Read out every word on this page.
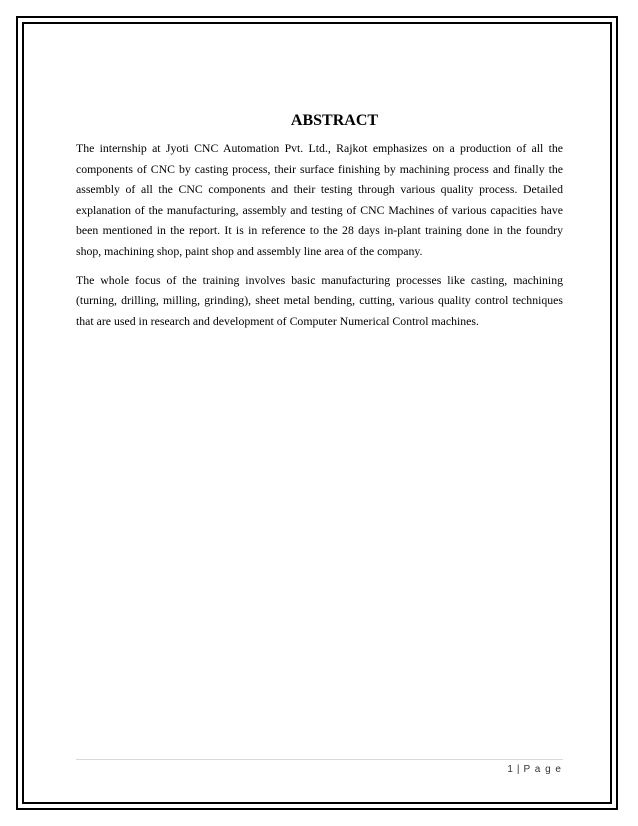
ABSTRACT

The internship at Jyoti CNC Automation Pvt. Ltd., Rajkot emphasizes on a production of all the components of CNC by casting process, their surface finishing by machining process and finally the assembly of all the CNC components and their testing through various quality process. Detailed explanation of the manufacturing, assembly and testing of CNC Machines of various capacities have been mentioned in the report. It is in reference to the 28 days in-plant training done in the foundry shop, machining shop, paint shop and assembly line area of the company.

The whole focus of the training involves basic manufacturing processes like casting, machining (turning, drilling, milling, grinding), sheet metal bending, cutting, various quality control techniques that are used in research and development of Computer Numerical Control machines.

1 | P a g e
